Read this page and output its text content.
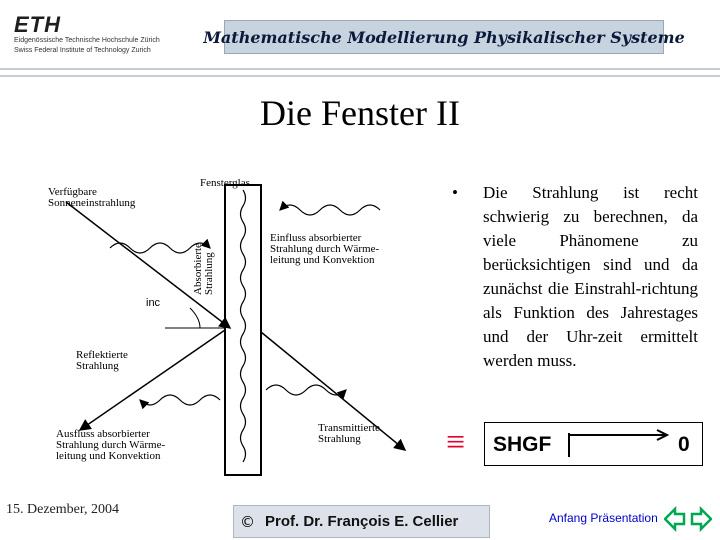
ETH
Eidgenössische Technische Hochschule Zürich
Swiss Federal Institute of Technology Zurich
Mathematische Modellierung Physikalischer Systeme
Die Fenster II
Fensterglas
Verfügbare
Sonneneinstrahlung
Absorbierte Strahlung
Einfluss absorbierter
Strahlung durch Wärme-
leitung und Konvektion
inc
Reflektierte
Strahlung
Ausfluss absorbierter
Strahlung durch Wärme-
leitung und Konvektion
Transmittierte
Strahlung
• Die Strahlung ist recht schwierig zu berechnen, da viele Phänomene zu berücksichtigen sind und da zunächst die Einstrahl-richtung als Funktion des Jahrestages und der Uhr-zeit ermittelt werden muss.
≡ SHGF	0
15. Dezember, 2004
© Prof. Dr. François E. Cellier	Anfang Präsentation
